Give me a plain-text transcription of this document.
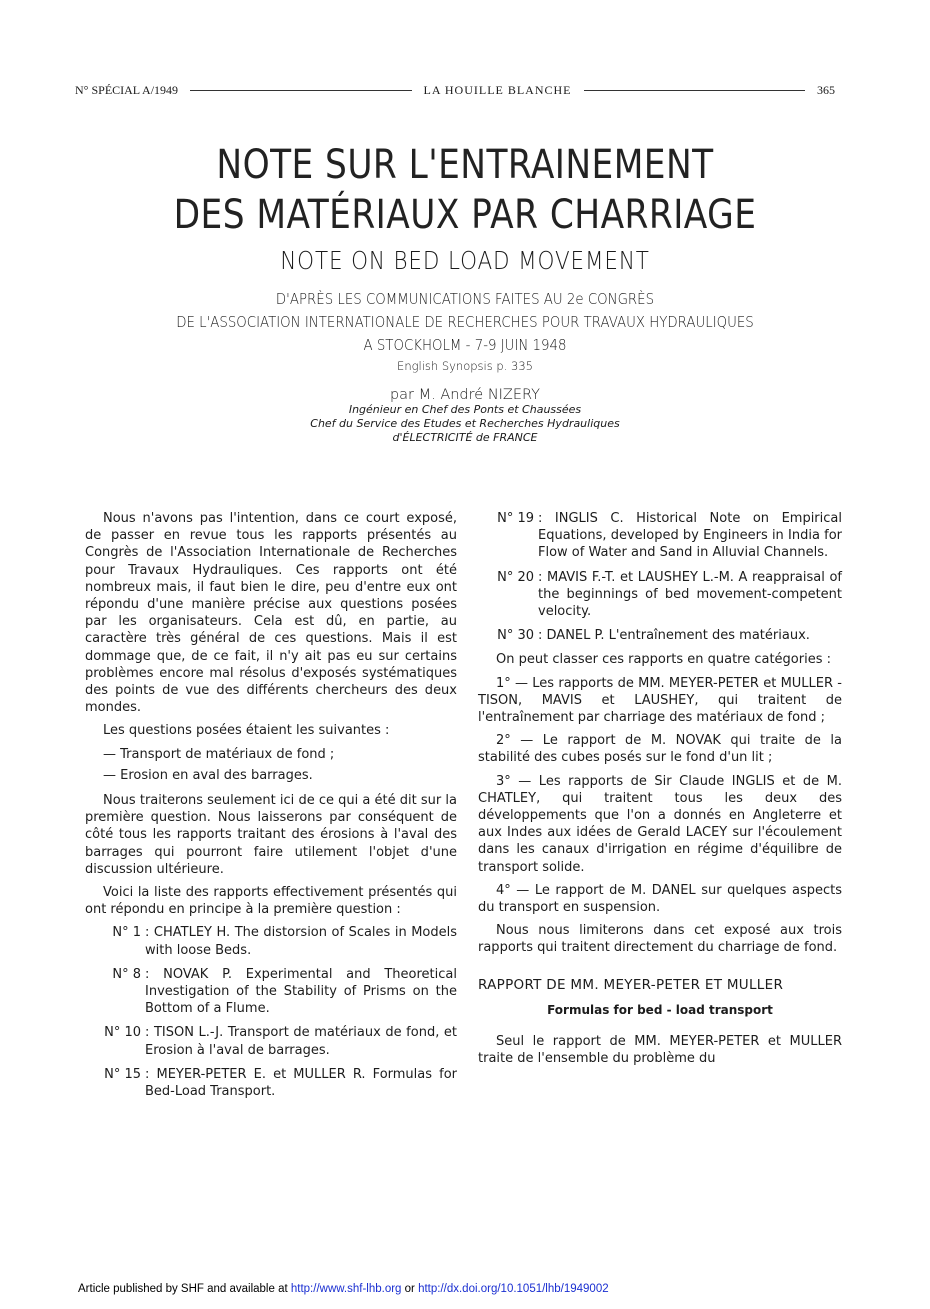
N° SPÉCIAL A/1949	LA HOUILLE BLANCHE	365
NOTE SUR L'ENTRAINEMENT
DES MATÉRIAUX PAR CHARRIAGE
NOTE ON BED LOAD MOVEMENT
D'APRÈS LES COMMUNICATIONS FAITES AU 2e CONGRÈS
DE L'ASSOCIATION INTERNATIONALE DE RECHERCHES POUR TRAVAUX HYDRAULIQUES
A STOCKHOLM - 7-9 JUIN 1948
English Synopsis p. 335
par M. André NIZERY
Ingénieur en Chef des Ponts et Chaussées
Chef du Service des Etudes et Recherches Hydrauliques
d'ÉLECTRICITÉ de FRANCE

Nous n'avons pas l'intention, dans ce court exposé, de passer en revue tous les rapports présentés au Congrès de l'Association Internationale de Recherches pour Travaux Hydrauliques. Ces rapports ont été nombreux mais, il faut bien le dire, peu d'entre eux ont répondu d'une manière précise aux questions posées par les organisateurs. Cela est dû, en partie, au caractère très général de ces questions. Mais il est dommage que, de ce fait, il n'y ait pas eu sur certains problèmes encore mal résolus d'exposés systématiques des points de vue des différents chercheurs des deux mondes.

Les questions posées étaient les suivantes :

— Transport de matériaux de fond ;
— Erosion en aval des barrages.

Nous traiterons seulement ici de ce qui a été dit sur la première question. Nous laisserons par conséquent de côté tous les rapports traitant des érosions à l'aval des barrages qui pourront faire utilement l'objet d'une discussion ultérieure.

Voici la liste des rapports effectivement présentés qui ont répondu en principe à la première question :

N° 1 : CHATLEY H. The distorsion of Scales in Models with loose Beds.
N° 8 : NOVAK P. Experimental and Theoretical Investigation of the Stability of Prisms on the Bottom of a Flume.
N° 10 : TISON L.-J. Transport de matériaux de fond, et Erosion à l'aval de barrages.
N° 15 : MEYER-PETER E. et MULLER R. Formulas for Bed-Load Transport.
N° 19 : INGLIS C. Historical Note on Empirical Equations, developed by Engineers in India for Flow of Water and Sand in Alluvial Channels.
N° 20 : MAVIS F.-T. et LAUSHEY L.-M. A reappraisal of the beginnings of bed movement-competent velocity.
N° 30 : DANEL P. L'entraînement des matériaux.

On peut classer ces rapports en quatre catégories :

1° — Les rapports de MM. MEYER-PETER et MULLER - TISON, MAVIS et LAUSHEY, qui traitent de l'entraînement par charriage des matériaux de fond ;
2° — Le rapport de M. NOVAK qui traite de la stabilité des cubes posés sur le fond d'un lit ;
3° — Les rapports de Sir Claude INGLIS et de M. CHATLEY, qui traitent tous les deux des développements que l'on a donnés en Angleterre et aux Indes aux idées de Gerald LACEY sur l'écoulement dans les canaux d'irrigation en régime d'équilibre de transport solide.
4° — Le rapport de M. DANEL sur quelques aspects du transport en suspension.

Nous nous limiterons dans cet exposé aux trois rapports qui traitent directement du charriage de fond.

RAPPORT DE MM. MEYER-PETER ET MULLER
Formulas for bed - load transport

Seul le rapport de MM. MEYER-PETER et MULLER traite de l'ensemble du problème du

Article published by SHF and available at http://www.shf-lhb.org or http://dx.doi.org/10.1051/lhb/1949002
